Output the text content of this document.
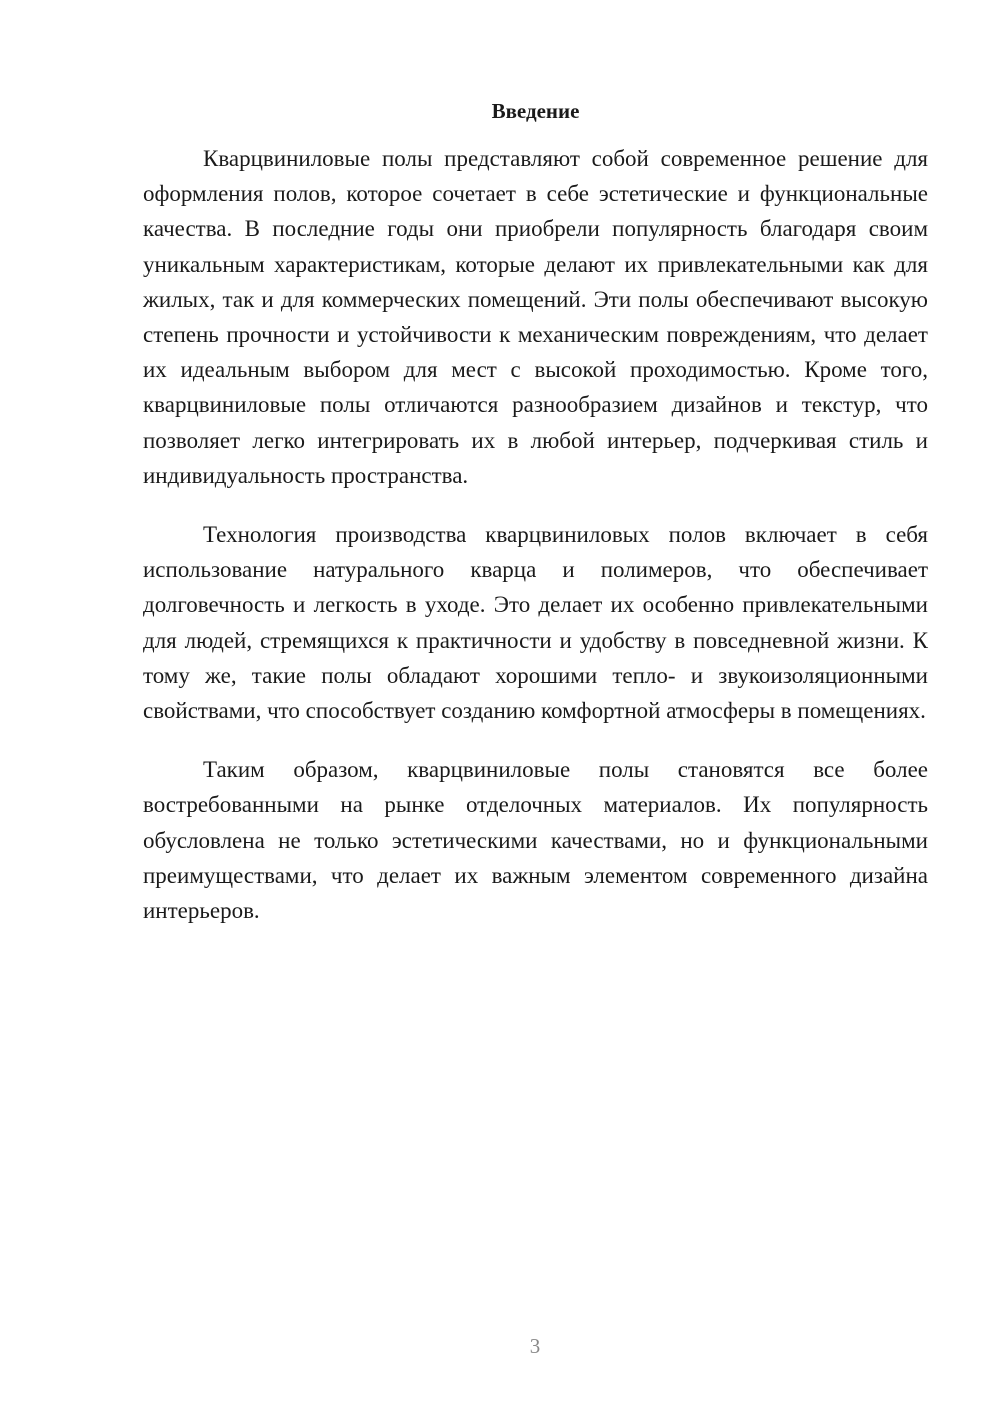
Введение

Кварцвиниловые полы представляют собой современное решение для оформления полов, которое сочетает в себе эстетические и функциональные качества. В последние годы они приобрели популярность благодаря своим уникальным характеристикам, которые делают их привлекательными как для жилых, так и для коммерческих помещений. Эти полы обеспечивают высокую степень прочности и устойчивости к механическим повреждениям, что делает их идеальным выбором для мест с высокой проходимостью. Кроме того, кварцвиниловые полы отличаются разнообразием дизайнов и текстур, что позволяет легко интегрировать их в любой интерьер, подчеркивая стиль и индивидуальность пространства.

Технология производства кварцвиниловых полов включает в себя использование натурального кварца и полимеров, что обеспечивает долговечность и легкость в уходе. Это делает их особенно привлекательными для людей, стремящихся к практичности и удобству в повседневной жизни. К тому же, такие полы обладают хорошими тепло- и звукоизоляционными свойствами, что способствует созданию комфортной атмосферы в помещениях.

Таким образом, кварцвиниловые полы становятся все более востребованными на рынке отделочных материалов. Их популярность обусловлена не только эстетическими качествами, но и функциональными преимуществами, что делает их важным элементом современного дизайна интерьеров.

3
